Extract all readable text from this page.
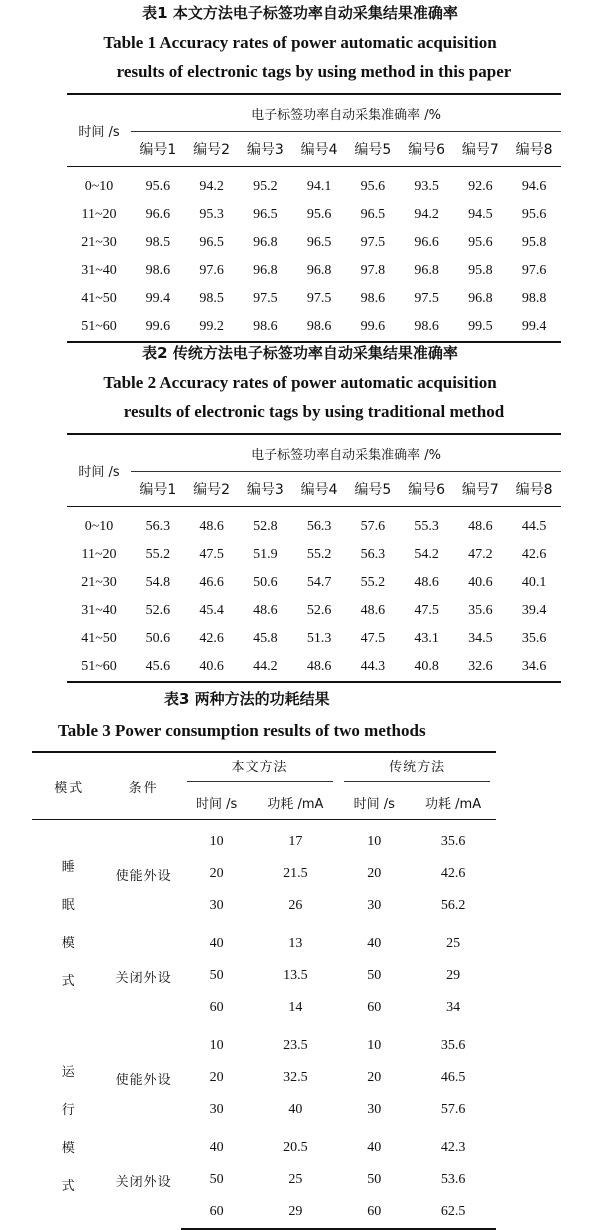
表1 本文方法电子标签功率自动采集结果准确率

Table 1 Accuracy rates of power automatic acquisition

results of electronic tags by using method in this paper

时间 /s	电子标签功率自动采集准确率 /%							
	编号1	编号2	编号3	编号4	编号5	编号6	编号7	编号8
0~10	95.6	94.2	95.2	94.1	95.6	93.5	92.6	94.6
11~20	96.6	95.3	96.5	95.6	96.5	94.2	94.5	95.6
21~30	98.5	96.5	96.8	96.5	97.5	96.6	95.6	95.8
31~40	98.6	97.6	96.8	96.8	97.8	96.8	95.8	97.6
41~50	99.4	98.5	97.5	97.5	98.6	97.5	96.8	98.8
51~60	99.6	99.2	98.6	98.6	99.6	98.6	99.5	99.4

表2 传统方法电子标签功率自动采集结果准确率

Table 2 Accuracy rates of power automatic acquisition

results of electronic tags by using traditional method

时间 /s	电子标签功率自动采集准确率 /%							
	编号1	编号2	编号3	编号4	编号5	编号6	编号7	编号8
0~10	56.3	48.6	52.8	56.3	57.6	55.3	48.6	44.5
11~20	55.2	47.5	51.9	55.2	56.3	54.2	47.2	42.6
21~30	54.8	46.6	50.6	54.7	55.2	48.6	40.6	40.1
31~40	52.6	45.4	48.6	52.6	48.6	47.5	35.6	39.4
41~50	50.6	42.6	45.8	51.3	47.5	43.1	34.5	35.6
51~60	45.6	40.6	44.2	48.6	44.3	40.8	32.6	34.6

表3 两种方法的功耗结果

Table 3 Power consumption results of two methods

模式	条件	本文方法		传统方法	
		时间 /s	功耗 /mA	时间 /s	功耗 /mA
睡眠模式	使能外设	10	17	10	35.6
		20	21.5	20	42.6
		30	26	30	56.2
	关闭外设	40	13	40	25
		50	13.5	50	29
		60	14	60	34
运行模式	使能外设	10	23.5	10	35.6
		20	32.5	20	46.5
		30	40	30	57.6
	关闭外设	40	20.5	40	42.3
		50	25	50	53.6
		60	29	60	62.5
